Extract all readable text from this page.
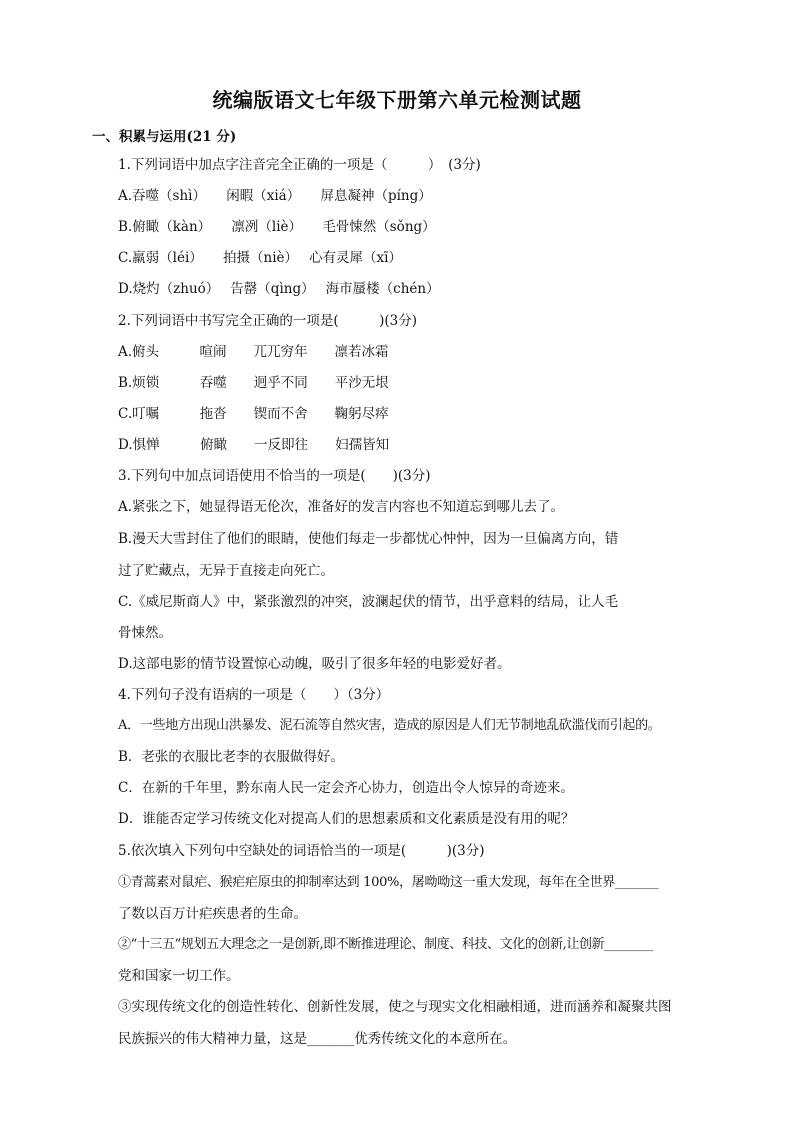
统编版语文七年级下册第六单元检测试题
一、积累与运用(21 分)
1.下列词语中加点字注音完全正确的一项是（　　　）　(3分)
A.吞噬（shì）　　闲暇（xiá）　　屏息凝神（píng）
B.俯瞰（kàn）　　凛冽（liè）　　毛骨悚然（sǒng）
C.羸弱（léi）　　拍摄（niè）　 心有灵犀（xī）
D.烧灼（zhuó）　 告罄（qìng）　 海市蜃楼（chén）
2.下列词语中书写完全正确的一项是(　　　)(3分)
A.俯头　　　喧闹　　兀兀穷年　　凛若冰霜
B.烦锁　　　吞噬　　迥乎不同　　平沙无垠
C.叮嘱　　　拖沓　　锲而不舍　　鞠躬尽瘁
D.惧惮　　　俯瞰　　一反即往　　妇孺皆知
3.下列句中加点词语使用不恰当的一项是(　　)(3分)
A.紧张之下，她显得语无伦次，准备好的发言内容也不知道忘到哪儿去了。
B.漫天大雪封住了他们的眼睛，使他们每走一步都忧心忡忡，因为一旦偏离方向，错
过了贮藏点，无异于直接走向死亡。
C.《威尼斯商人》中，紧张激烈的冲突，波澜起伏的情节，出乎意料的结局，让人毛
骨悚然。
D.这部电影的情节设置惊心动魄，吸引了很多年轻的电影爱好者。
4.下列句子没有语病的一项是（　　）（3分）
A．一些地方出现山洪暴发、泥石流等自然灾害，造成的原因是人们无节制地乱砍滥伐而引起的。
B．老张的衣服比老李的衣服做得好。
C．在新的千年里，黔东南人民一定会齐心协力，创造出令人惊异的奇迹来。
D．谁能否定学习传统文化对提高人们的思想素质和文化素质是没有用的呢？
5.依次填入下列句中空缺处的词语恰当的一项是(　　　)(3分)
①青蒿素对鼠疟、猴疟疟原虫的抑制率达到 100%，屠呦呦这一重大发现，每年在全世界_______
了数以百万计疟疾患者的生命。
②“十三五”规划五大理念之一是创新,即不断推进理论、制度、科技、文化的创新,让创新________
党和国家一切工作。
③实现传统文化的创造性转化、创新性发展，使之与现实文化相融相通，进而涵养和凝聚共图
民族振兴的伟大精神力量，这是_______优秀传统文化的本意所在。
